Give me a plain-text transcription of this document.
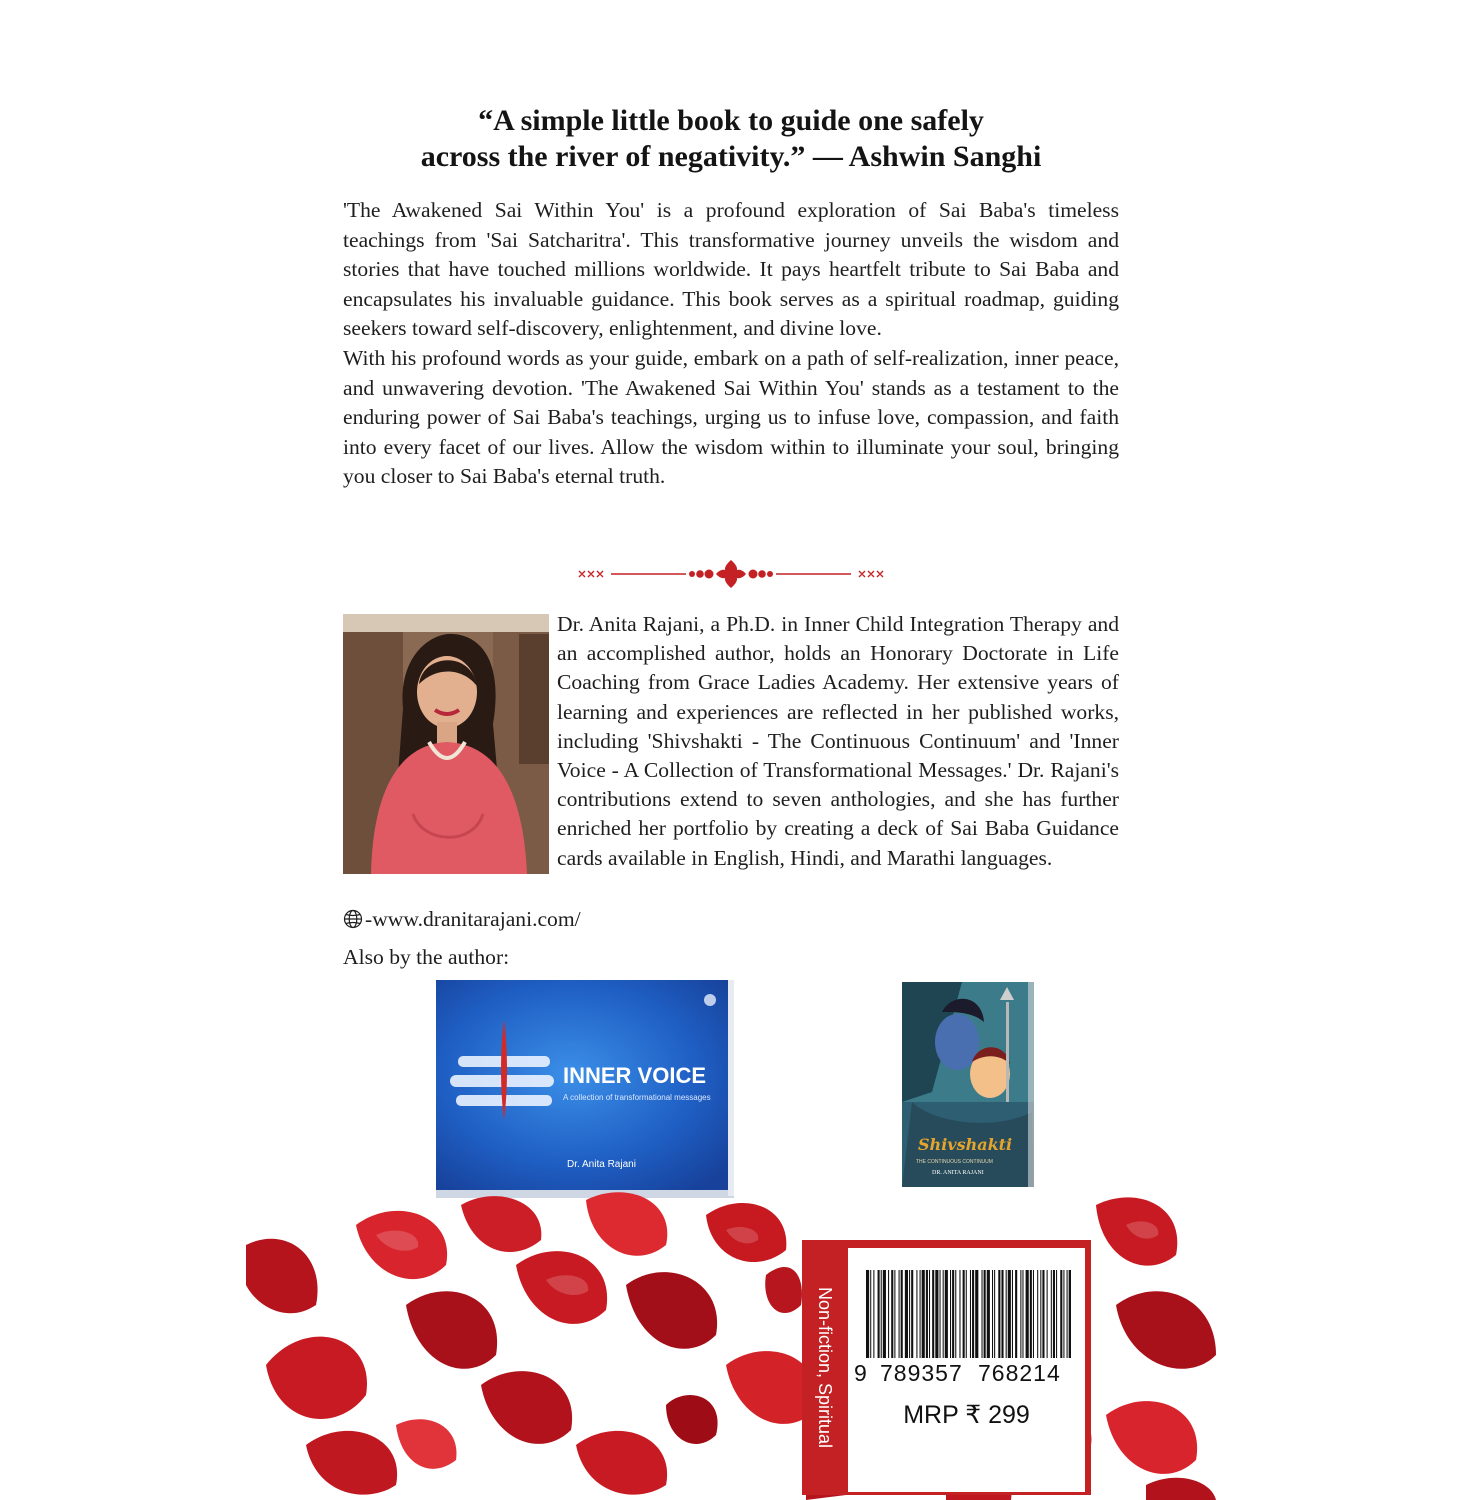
“A simple little book to guide one safely
across the river of negativity.” — Ashwin Sanghi

'The Awakened Sai Within You' is a profound exploration of Sai Baba's timeless teachings from 'Sai Satcharitra'. This transformative journey unveils the wisdom and stories that have touched millions worldwide. It pays heartfelt tribute to Sai Baba and encapsulates his invaluable guidance. This book serves as a spiritual roadmap, guiding seekers toward self-discovery, enlightenment, and divine love.

With his profound words as your guide, embark on a path of self-realization, inner peace, and unwavering devotion. 'The Awakened Sai Within You' stands as a testament to the enduring power of Sai Baba's teachings, urging us to infuse love, compassion, and faith into every facet of our lives. Allow the wisdom within to illuminate your soul, bringing you closer to Sai Baba's eternal truth.

Dr. Anita Rajani, a Ph.D. in Inner Child Integration Therapy and an accomplished author, holds an Honorary Doctorate in Life Coaching from Grace Ladies Academy. Her extensive years of learning and experiences are reflected in her published works, including 'Shivshakti - The Continuous Continuum' and 'Inner Voice - A Collection of Transformational Messages.' Dr. Rajani's contributions extend to seven anthologies, and she has further enriched her portfolio by creating a deck of Sai Baba Guidance cards available in English, Hindi, and Marathi languages.

-www.dranitarajani.com/
Also by the author:
INNER VOICE
A collection of transformational messages
Dr. Anita Rajani
Shivshakti
THE CONTINUOUS CONTINUUM
DR. ANITA RAJANI
Non-fiction, Spiritual 9 789357 768214
MRP ₹ 299
